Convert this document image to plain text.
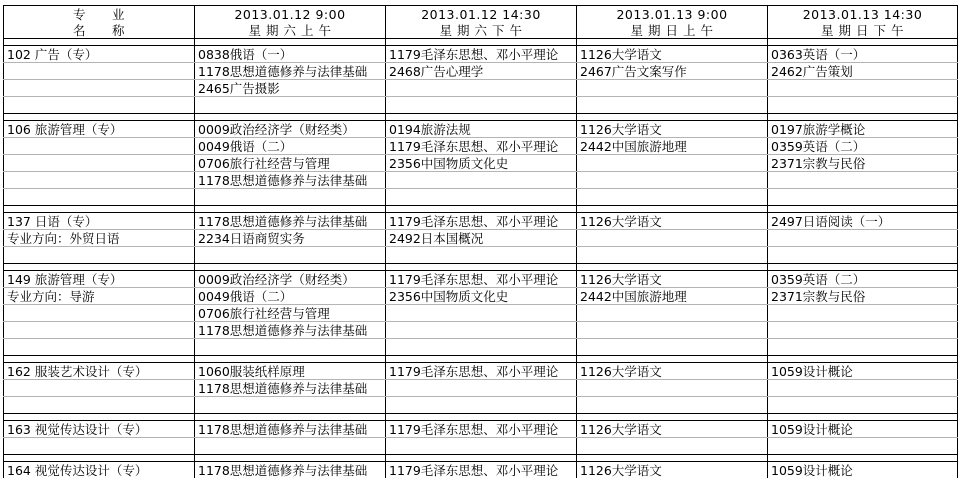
专　　业	2013.01.12 9:00	2013.01.12 14:30	2013.01.13 9:00	2013.01.13 14:30
名　　称	星 期 六 上 午	星 期 六 下 午	星 期 日 上 午	星 期 日 下 午

102 广告（专）	0838俄语（一）	1179毛泽东思想、邓小平理论	1126大学语文	0363英语（一）
	1178思想道德修养与法律基础	2468广告心理学	2467广告文案写作	2462广告策划
	2465广告摄影			

106 旅游管理（专）	0009政治经济学（财经类）	0194旅游法规	1126大学语文	0197旅游学概论
	0049俄语（二）	1179毛泽东思想、邓小平理论	2442中国旅游地理	0359英语（二）
	0706旅行社经营与管理	2356中国物质文化史		2371宗教与民俗
	1178思想道德修养与法律基础			

137 日语（专）	1178思想道德修养与法律基础	1179毛泽东思想、邓小平理论	1126大学语文	2497日语阅读（一）
专业方向：外贸日语	2234日语商贸实务	2492日本国概况		

149 旅游管理（专）	0009政治经济学（财经类）	1179毛泽东思想、邓小平理论	1126大学语文	0359英语（二）
专业方向：导游	0049俄语（二）	2356中国物质文化史	2442中国旅游地理	2371宗教与民俗
	0706旅行社经营与管理			
	1178思想道德修养与法律基础			

162 服装艺术设计（专）	1060服装纸样原理	1179毛泽东思想、邓小平理论	1126大学语文	1059设计概论
	1178思想道德修养与法律基础			

163 视觉传达设计（专）	1178思想道德修养与法律基础	1179毛泽东思想、邓小平理论	1126大学语文	1059设计概论

164 视觉传达设计（专）	1178思想道德修养与法律基础	1179毛泽东思想、邓小平理论	1126大学语文	1059设计概论
